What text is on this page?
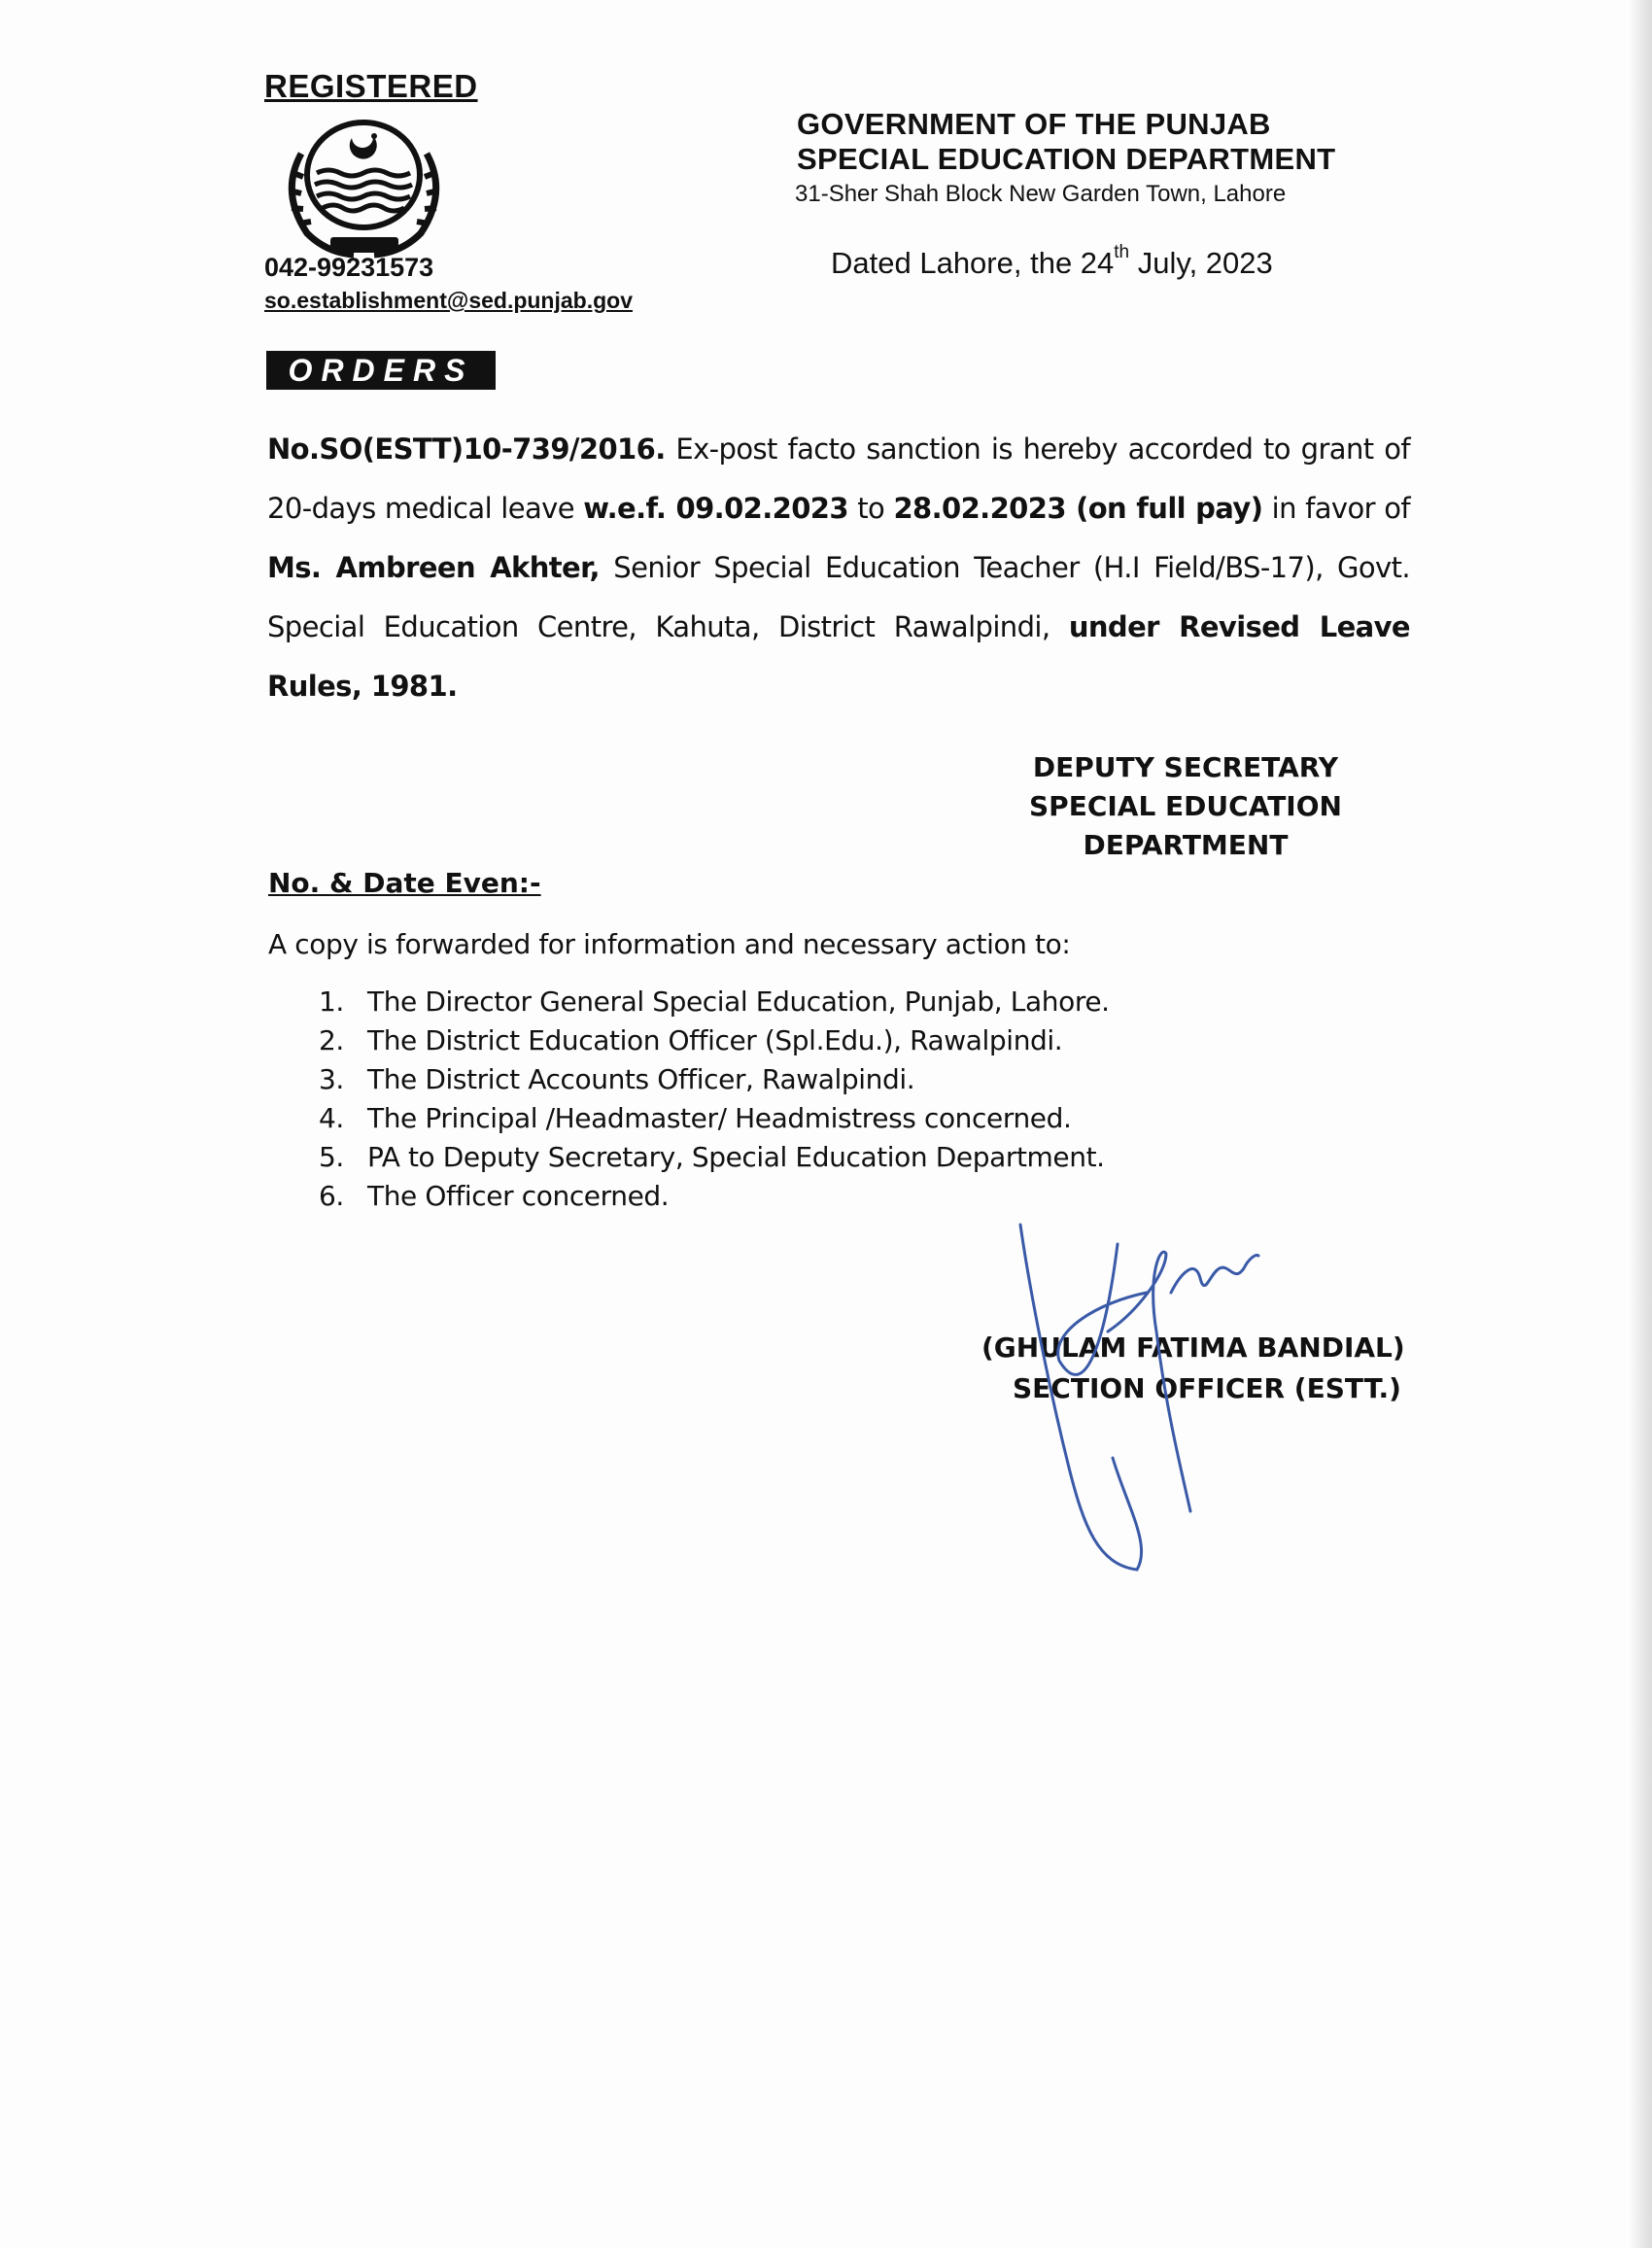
REGISTERED
042-99231573
so.establishment@sed.punjab.gov
GOVERNMENT OF THE PUNJAB
SPECIAL EDUCATION DEPARTMENT
31-Sher Shah Block New Garden Town, Lahore
Dated Lahore, the 24th July, 2023
ORDERS
No.SO(ESTT)10-739/2016. Ex-post facto sanction is hereby accorded to grant of 20-days medical leave w.e.f. 09.02.2023 to 28.02.2023 (on full pay) in favor of Ms. Ambreen Akhter, Senior Special Education Teacher (H.I Field/BS-17), Govt. Special Education Centre, Kahuta, District Rawalpindi, under Revised Leave Rules, 1981.
DEPUTY SECRETARY
SPECIAL EDUCATION
DEPARTMENT
No. & Date Even:-
A copy is forwarded for information and necessary action to:
1. The Director General Special Education, Punjab, Lahore.
2. The District Education Officer (Spl.Edu.), Rawalpindi.
3. The District Accounts Officer, Rawalpindi.
4. The Principal /Headmaster/ Headmistress concerned.
5. PA to Deputy Secretary, Special Education Department.
6. The Officer concerned.
(GHULAM FATIMA BANDIAL)
SECTION OFFICER (ESTT.)
